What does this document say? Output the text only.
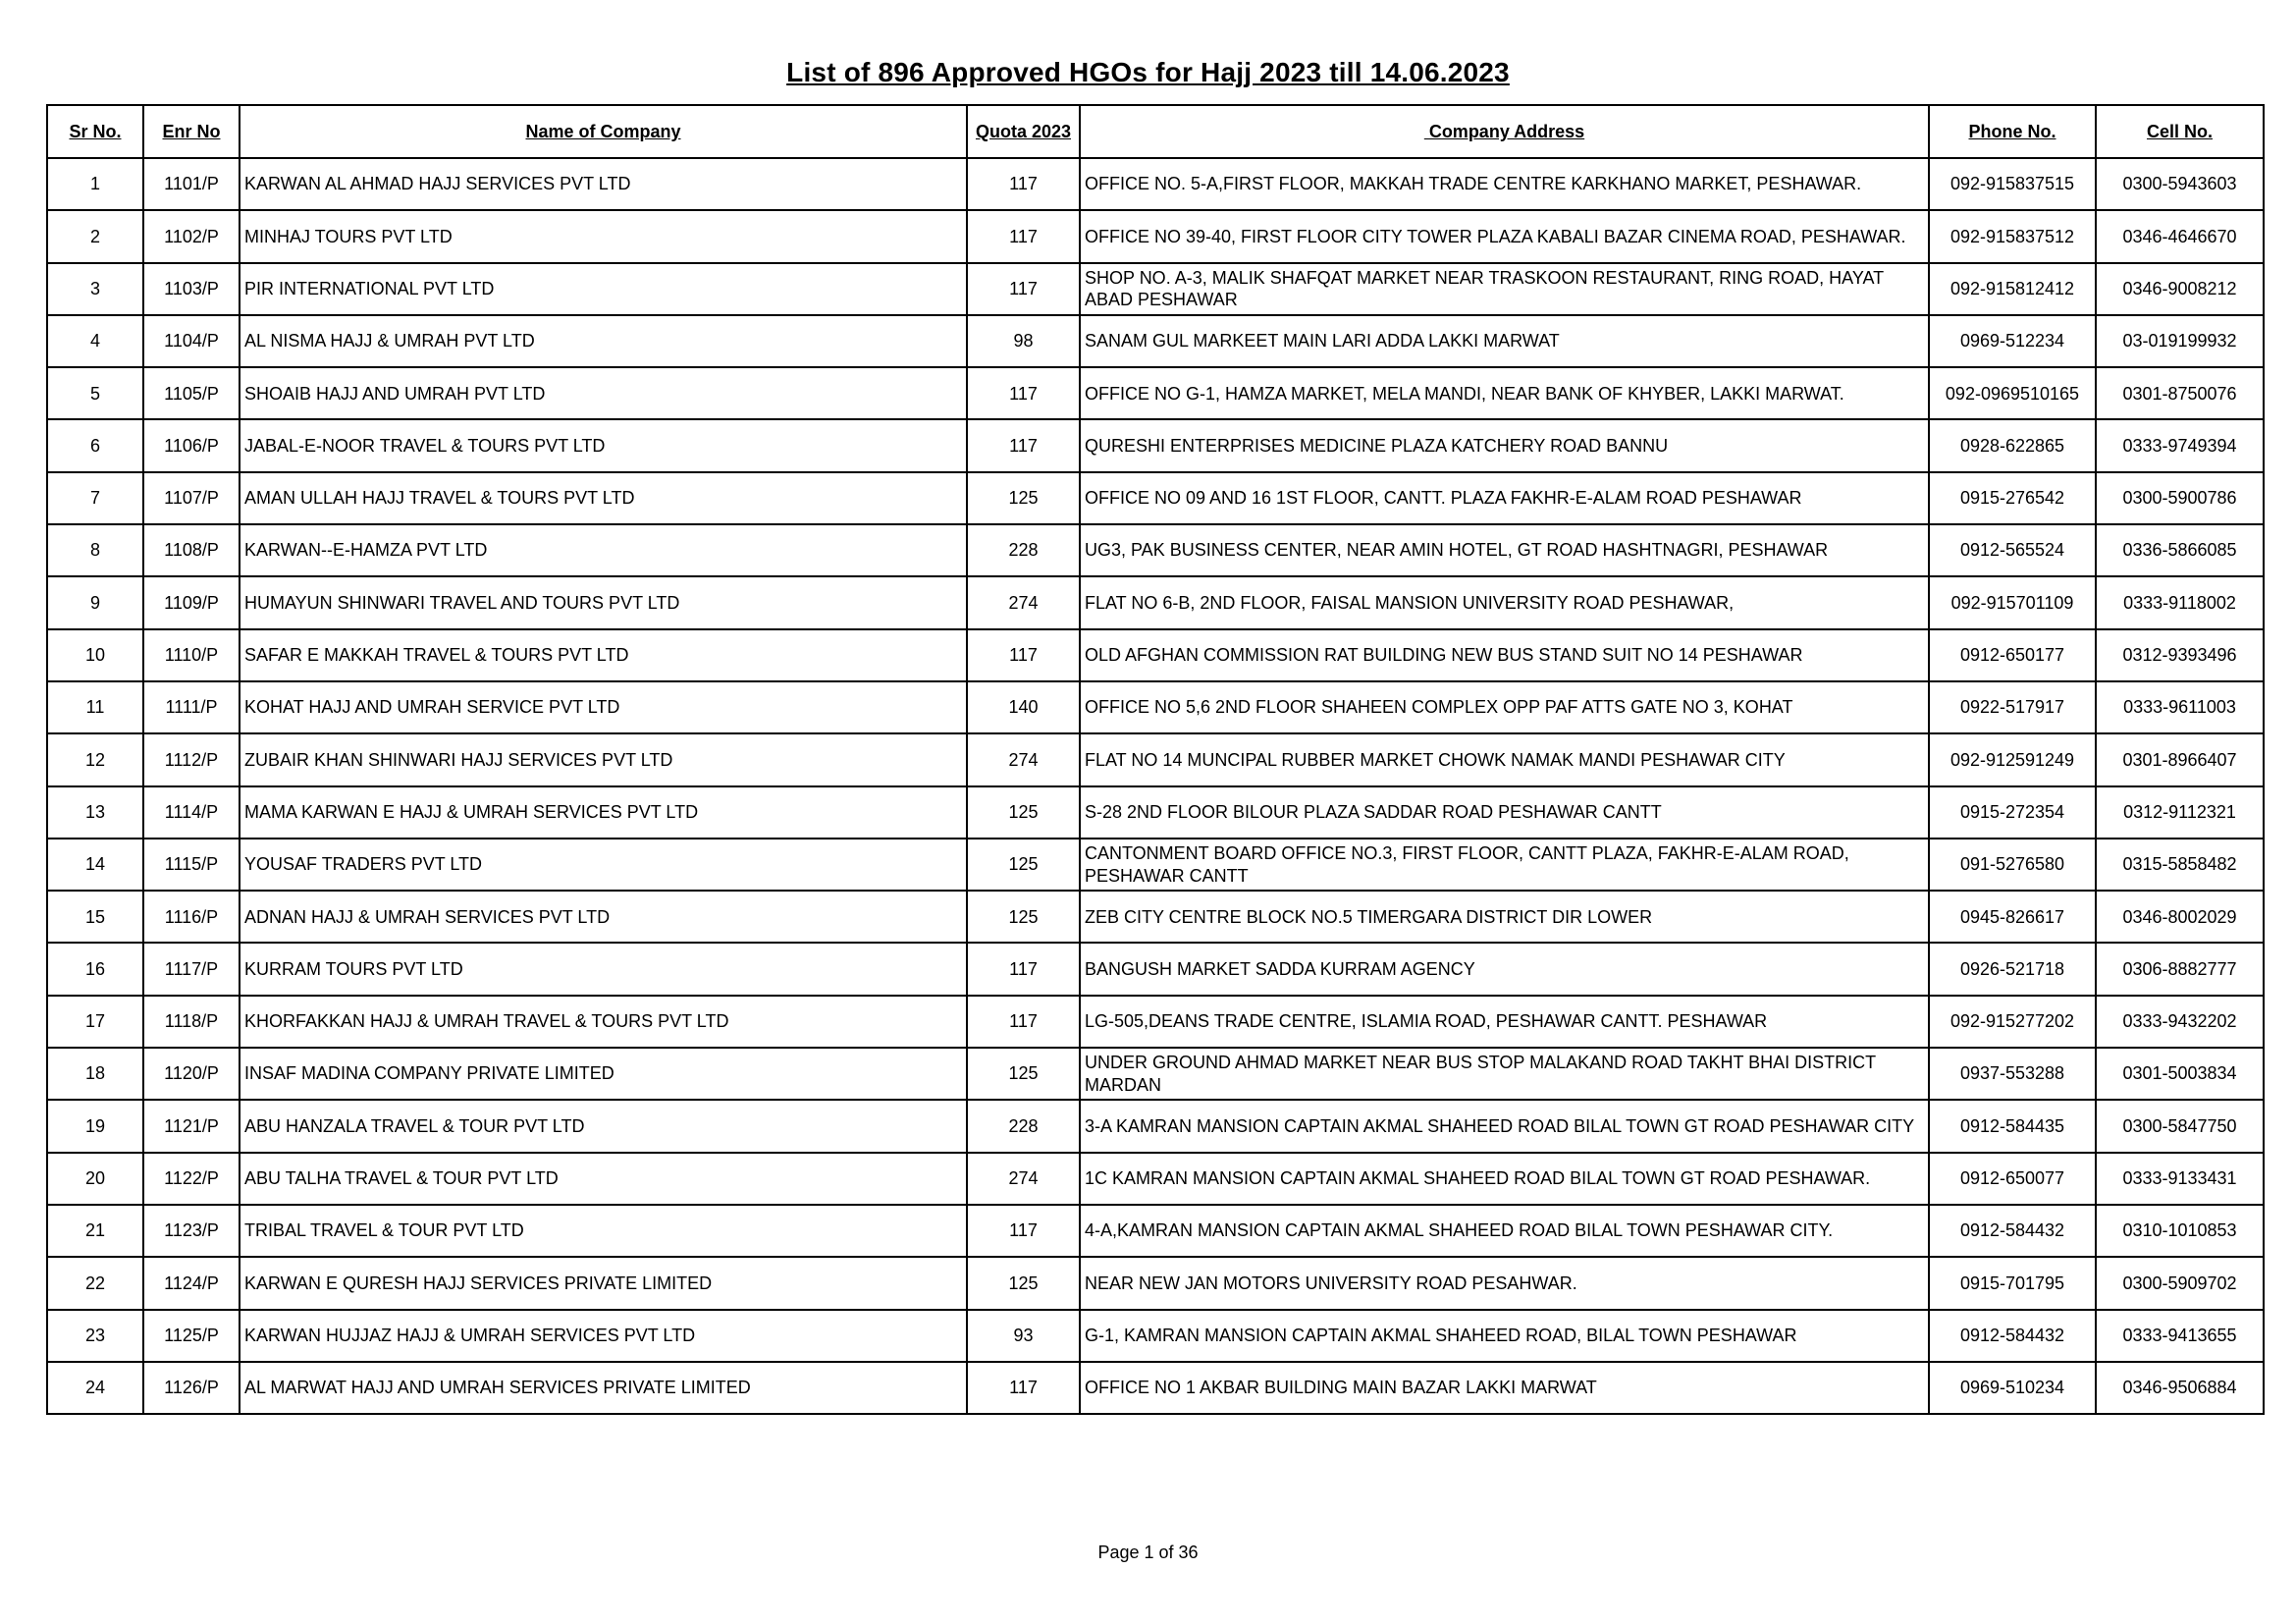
List of 896 Approved HGOs for Hajj 2023 till 14.06.2023
Sr No.	Enr No	Name of Company	Quota 2023	Company Address	Phone No.	Cell No.
1	1101/P	KARWAN AL AHMAD HAJJ SERVICES PVT LTD	117	OFFICE NO. 5-A,FIRST FLOOR, MAKKAH TRADE CENTRE KARKHANO MARKET, PESHAWAR.	092-915837515	0300-5943603
2	1102/P	MINHAJ TOURS PVT LTD	117	OFFICE NO 39-40, FIRST FLOOR CITY TOWER PLAZA KABALI BAZAR CINEMA ROAD, PESHAWAR.	092-915837512	0346-4646670
3	1103/P	PIR INTERNATIONAL PVT LTD	117	SHOP NO. A-3, MALIK SHAFQAT MARKET NEAR TRASKOON RESTAURANT, RING ROAD, HAYAT ABAD PESHAWAR	092-915812412	0346-9008212
4	1104/P	AL NISMA HAJJ & UMRAH PVT LTD	98	SANAM GUL MARKEET MAIN LARI ADDA LAKKI MARWAT	0969-512234	03-019199932
5	1105/P	SHOAIB HAJJ AND UMRAH PVT LTD	117	OFFICE NO G-1, HAMZA MARKET, MELA MANDI, NEAR BANK OF KHYBER, LAKKI MARWAT.	092-0969510165	0301-8750076
6	1106/P	JABAL-E-NOOR TRAVEL & TOURS PVT LTD	117	QURESHI ENTERPRISES MEDICINE PLAZA KATCHERY ROAD BANNU	0928-622865	0333-9749394
7	1107/P	AMAN ULLAH HAJJ TRAVEL & TOURS PVT LTD	125	OFFICE NO 09 AND 16 1ST FLOOR, CANTT. PLAZA FAKHR-E-ALAM ROAD PESHAWAR	0915-276542	0300-5900786
8	1108/P	KARWAN--E-HAMZA PVT LTD	228	UG3, PAK BUSINESS CENTER, NEAR AMIN HOTEL, GT ROAD HASHTNAGRI, PESHAWAR	0912-565524	0336-5866085
9	1109/P	HUMAYUN SHINWARI TRAVEL AND TOURS PVT LTD	274	FLAT NO 6-B, 2ND FLOOR, FAISAL MANSION UNIVERSITY ROAD PESHAWAR,	092-915701109	0333-9118002
10	1110/P	SAFAR E MAKKAH TRAVEL & TOURS PVT LTD	117	OLD AFGHAN COMMISSION RAT BUILDING NEW BUS STAND SUIT NO 14 PESHAWAR	0912-650177	0312-9393496
11	1111/P	KOHAT HAJJ AND UMRAH SERVICE PVT LTD	140	OFFICE NO 5,6 2ND FLOOR SHAHEEN COMPLEX OPP PAF ATTS GATE NO 3, KOHAT	0922-517917	0333-9611003
12	1112/P	ZUBAIR KHAN SHINWARI HAJJ SERVICES PVT LTD	274	FLAT NO 14 MUNCIPAL RUBBER MARKET CHOWK NAMAK MANDI PESHAWAR CITY	092-912591249	0301-8966407
13	1114/P	MAMA KARWAN E HAJJ & UMRAH SERVICES PVT LTD	125	S-28 2ND FLOOR BILOUR PLAZA SADDAR ROAD PESHAWAR CANTT	0915-272354	0312-9112321
14	1115/P	YOUSAF TRADERS PVT LTD	125	CANTONMENT BOARD OFFICE NO.3, FIRST FLOOR, CANTT PLAZA, FAKHR-E-ALAM ROAD, PESHAWAR CANTT	091-5276580	0315-5858482
15	1116/P	ADNAN HAJJ & UMRAH SERVICES PVT LTD	125	ZEB CITY CENTRE BLOCK NO.5 TIMERGARA DISTRICT DIR LOWER	0945-826617	0346-8002029
16	1117/P	KURRAM TOURS PVT LTD	117	BANGUSH MARKET SADDA KURRAM AGENCY	0926-521718	0306-8882777
17	1118/P	KHORFAKKAN HAJJ & UMRAH TRAVEL & TOURS PVT LTD	117	LG-505,DEANS TRADE CENTRE, ISLAMIA ROAD, PESHAWAR CANTT. PESHAWAR	092-915277202	0333-9432202
18	1120/P	INSAF MADINA COMPANY PRIVATE LIMITED	125	UNDER GROUND AHMAD MARKET NEAR BUS STOP MALAKAND ROAD TAKHT BHAI DISTRICT MARDAN	0937-553288	0301-5003834
19	1121/P	ABU HANZALA TRAVEL & TOUR PVT LTD	228	3-A KAMRAN MANSION CAPTAIN AKMAL SHAHEED ROAD BILAL TOWN GT ROAD PESHAWAR CITY	0912-584435	0300-5847750
20	1122/P	ABU TALHA TRAVEL & TOUR PVT LTD	274	1C KAMRAN MANSION CAPTAIN AKMAL SHAHEED ROAD BILAL TOWN GT ROAD PESHAWAR.	0912-650077	0333-9133431
21	1123/P	TRIBAL TRAVEL & TOUR PVT LTD	117	4-A,KAMRAN MANSION CAPTAIN AKMAL SHAHEED ROAD BILAL TOWN PESHAWAR CITY.	0912-584432	0310-1010853
22	1124/P	KARWAN E QURESH HAJJ SERVICES PRIVATE LIMITED	125	NEAR NEW JAN MOTORS UNIVERSITY ROAD PESAHWAR.	0915-701795	0300-5909702
23	1125/P	KARWAN HUJJAZ HAJJ & UMRAH SERVICES PVT LTD	93	G-1, KAMRAN MANSION CAPTAIN AKMAL SHAHEED ROAD, BILAL TOWN PESHAWAR	0912-584432	0333-9413655
24	1126/P	AL MARWAT HAJJ AND UMRAH SERVICES PRIVATE LIMITED	117	OFFICE NO 1 AKBAR BUILDING MAIN BAZAR LAKKI MARWAT	0969-510234	0346-9506884
Page 1 of 36
